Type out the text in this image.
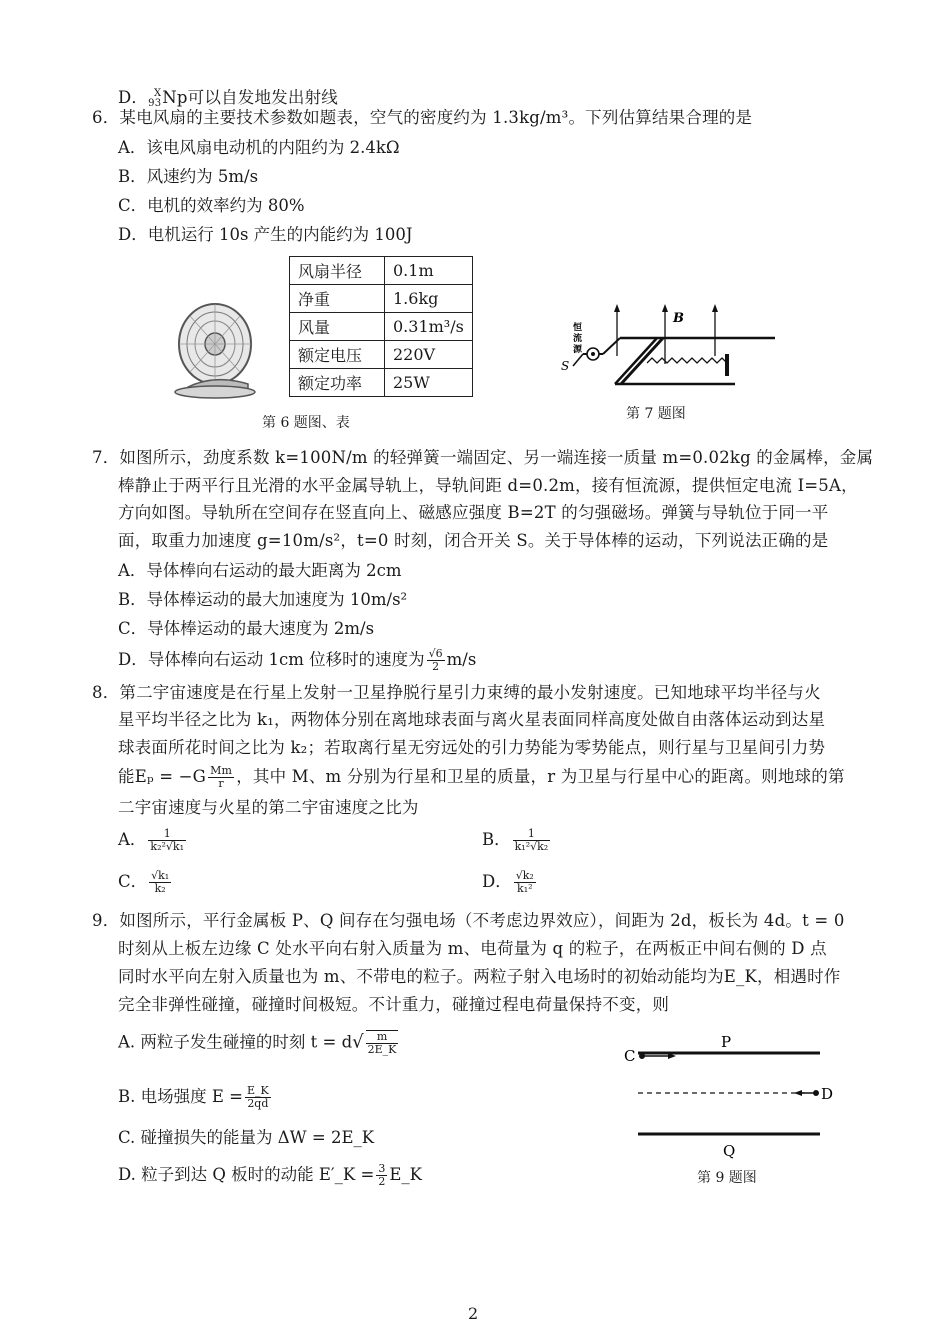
D． X
93 Np可以自发地发出射线
6．某电风扇的主要技术参数如题表，空气的密度约为 1.3kg/m³。下列估算结果合理的是
A．该电风扇电动机的内阻约为 2.4kΩ
B．风速约为 5m/s
C．电机的效率约为 80%
D．电机运行 10s 产生的内能约为 100J
风扇半径	0.1m
净重	1.6kg
风量	0.31m³/s
额定电压	220V
额定功率	25W
第 6 题图、表
B
恒
流
源
S
第 7 题图
7．如图所示，劲度系数 k=100N/m 的轻弹簧一端固定、另一端连接一质量 m=0.02kg 的金属棒，金属
棒静止于两平行且光滑的水平金属导轨上，导轨间距 d=0.2m，接有恒流源，提供恒定电流 I=5A，
方向如图。导轨所在空间存在竖直向上、磁感应强度 B=2T 的匀强磁场。弹簧与导轨位于同一平
面，取重力加速度 g=10m/s²，t=0 时刻，闭合开关 S。关于导体棒的运动，下列说法正确的是
A．导体棒向右运动的最大距离为 2cm
B．导体棒运动的最大加速度为 10m/s²
C．导体棒运动的最大速度为 2m/s
D．导体棒向右运动 1cm 位移时的速度为 $\frac{√6}{2} m/s$
8．第二宇宙速度是在行星上发射一卫星挣脱行星引力束缚的最小发射速度。已知地球平均半径与火
星平均半径之比为 k₁，两物体分别在离地球表面与离火星表面同样高度处做自由落体运动到达星
球表面所花时间之比为 k₂；若取离行星无穷远处的引力势能为零势能点，则行星与卫星间引力势
能$E_p = -G \frac{Mm}{r}$ ，其中 M、m 分别为行星和卫星的质量，r 为卫星与行星中心的距离。则地球的第
二宇宙速度与火星的第二宇宙速度之比为
A． $\frac{1}{\text{k₂²√k₁}}$	B． $\frac{1}{\text{k₁²√k₂}}$
C． $\frac{\text{√k₁}}{\text{k₂}}$	D． $\frac{\text{√k₂}}{\text{k₁²}}$
9．如图所示，平行金属板 P、Q 间存在匀强电场（不考虑边界效应），间距为 2d，板长为 4d。t = 0
时刻从上板左边缘 C 处水平向右射入质量为 m、电荷量为 q 的粒子，在两板正中间右侧的 D 点
同时水平向左射入质量也为 m、不带电的粒子。两粒子射入电场时的初始动能均为E_K，相遇时作
完全非弹性碰撞，碰撞时间极短。不计重力，碰撞过程电荷量保持不变，则
A. 两粒子发生碰撞的时刻 $t = d√ \frac{m}{2E\_K}$
B. 电场强度 $E = \frac{E\_K}{2qd}$
C. 碰撞损失的能量为 ΔW = 2E_K
D. 粒子到达 Q 板时的动能 E′_K = $\frac{3}{2}$ E_K
C
P
D
Q
第 9 题图
2
